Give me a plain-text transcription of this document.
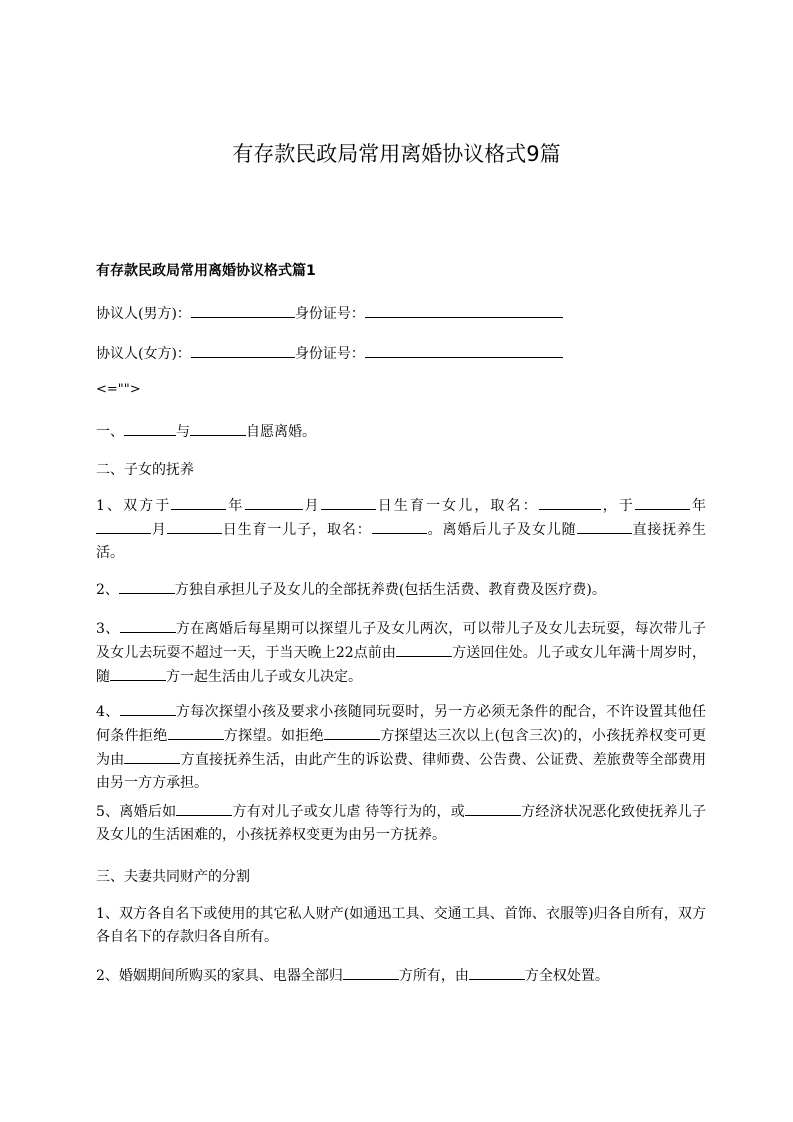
有存款民政局常用离婚协议格式9篇
有存款民政局常用离婚协议格式篇1

协议人(男方)：	身份证号：

协议人(女方)：	身份证号：

<="">

一、	与	自愿离婚。

二、子女的抚养

1、双方于	年	月	日生育一女儿，取名：	，于	年月	日生育一儿子，取名：	。离婚后儿子及女儿随	直接抚养生活。

2、	方独自承担儿子及女儿的全部抚养费(包括生活费、教育费及医疗费)。

3、	方在离婚后每星期可以探望儿子及女儿两次，可以带儿子及女儿去玩耍，每次带儿子及女儿去玩耍不超过一天，于当天晚上22点前由	方送回住处。儿子或女儿年满十周岁时，随	方一起生活由儿子或女儿决定。

4、	方每次探望小孩及要求小孩随同玩耍时，另一方必须无条件的配合，不许设置其他任何条件拒绝	方探望。如拒绝	方探望达三次以上(包含三次)的，小孩抚养权变可更为由	方直接抚养生活，由此产生的诉讼费、律师费、公告费、公证费、差旅费等全部费用由另一方方承担。

5、离婚后如	方有对儿子或女儿虐 待等行为的，或	方经济状况恶化致使抚养儿子及女儿的生活困难的，小孩抚养权变更为由另一方抚养。

三、夫妻共同财产的分割

1、双方各自名下或使用的其它私人财产(如通迅工具、交通工具、首饰、衣服等)归各自所有，双方各自名下的存款归各自所有。

2、婚姻期间所购买的家具、电器全部归	方所有，由	方全权处置。
